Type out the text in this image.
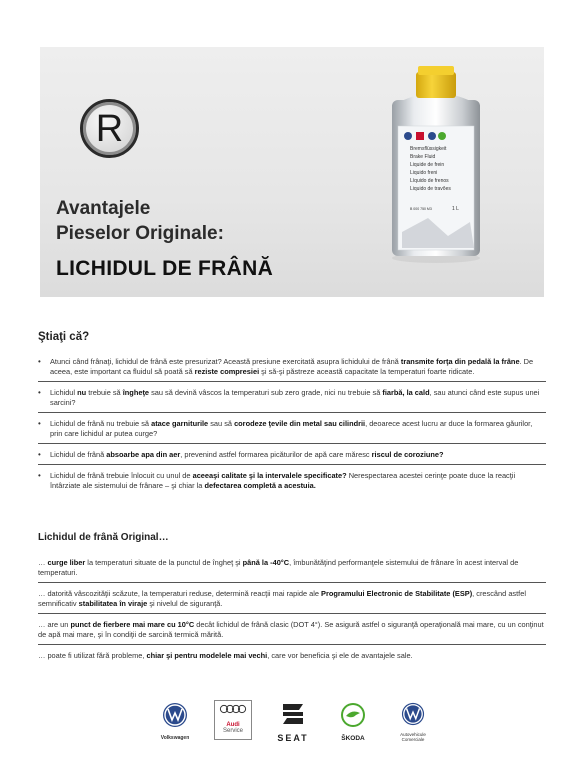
R
Avantajele
Pieselor Originale:
LICHIDUL DE FRÂNĂ
Bremsflüssigkeit
Brake Fluid
Liquide de frein
Liquido freni
Líquido de frenos
Liquido de travões
B 000 750 M3	1 L
Ştiaţi că?
• Atunci când frânaţi, lichidul de frână este presurizat? Această presiune exercitată asupra lichidului de frână transmite forţa din pedală la frâne. De aceea, este important ca fluidul să poată să reziste compresiei şi să-şi păstreze această capacitate la temperaturi foarte ridicate.
• Lichidul nu trebuie să îngheţe sau să devină vâscos la temperaturi sub zero grade, nici nu trebuie să fiarbă, la cald, sau atunci când este supus unei sarcini?
• Lichidul de frână nu trebuie să atace garniturile sau să corodeze ţevile din metal sau cilindrii, deoarece acest lucru ar duce la formarea găurilor, prin care lichidul ar putea curge?
• Lichidul de frână absoarbe apa din aer, prevenind astfel formarea picăturilor de apă care măresc riscul de coroziune?
• Lichidul de frână trebuie înlocuit cu unul de aceeaşi calitate şi la intervalele specificate? Nerespectarea acestei cerinţe poate duce la reacţii întârziate ale sistemului de frânare – şi chiar la defectarea completă a acestuia.
Lichidul de frână Original…
… curge liber la temperaturi situate de la punctul de îngheţ şi până la -40°C, îmbunătăţind performanţele sistemului de frânare în acest interval de temperaturi.
… datorită vâscozităţii scăzute, la temperaturi reduse, determină reacţii mai rapide ale Programului Electronic de Stabilitate (ESP), crescând astfel semnificativ stabilitatea în viraje şi nivelul de siguranţă.
… are un punct de fierbere mai mare cu 10°C decât lichidul de frână clasic (DOT 4°). Se asigură astfel o siguranţă operaţională mai mare, cu un conţinut de apă mai mare, şi în condiţii de sarcină termică mărită.
… poate fi utilizat fără probleme, chiar şi pentru modelele mai vechi, care vor beneficia şi ele de avantajele sale.
Volkswagen
Audi
Service
SEAT	ŠKODA
Autovehicule
Comerciale
